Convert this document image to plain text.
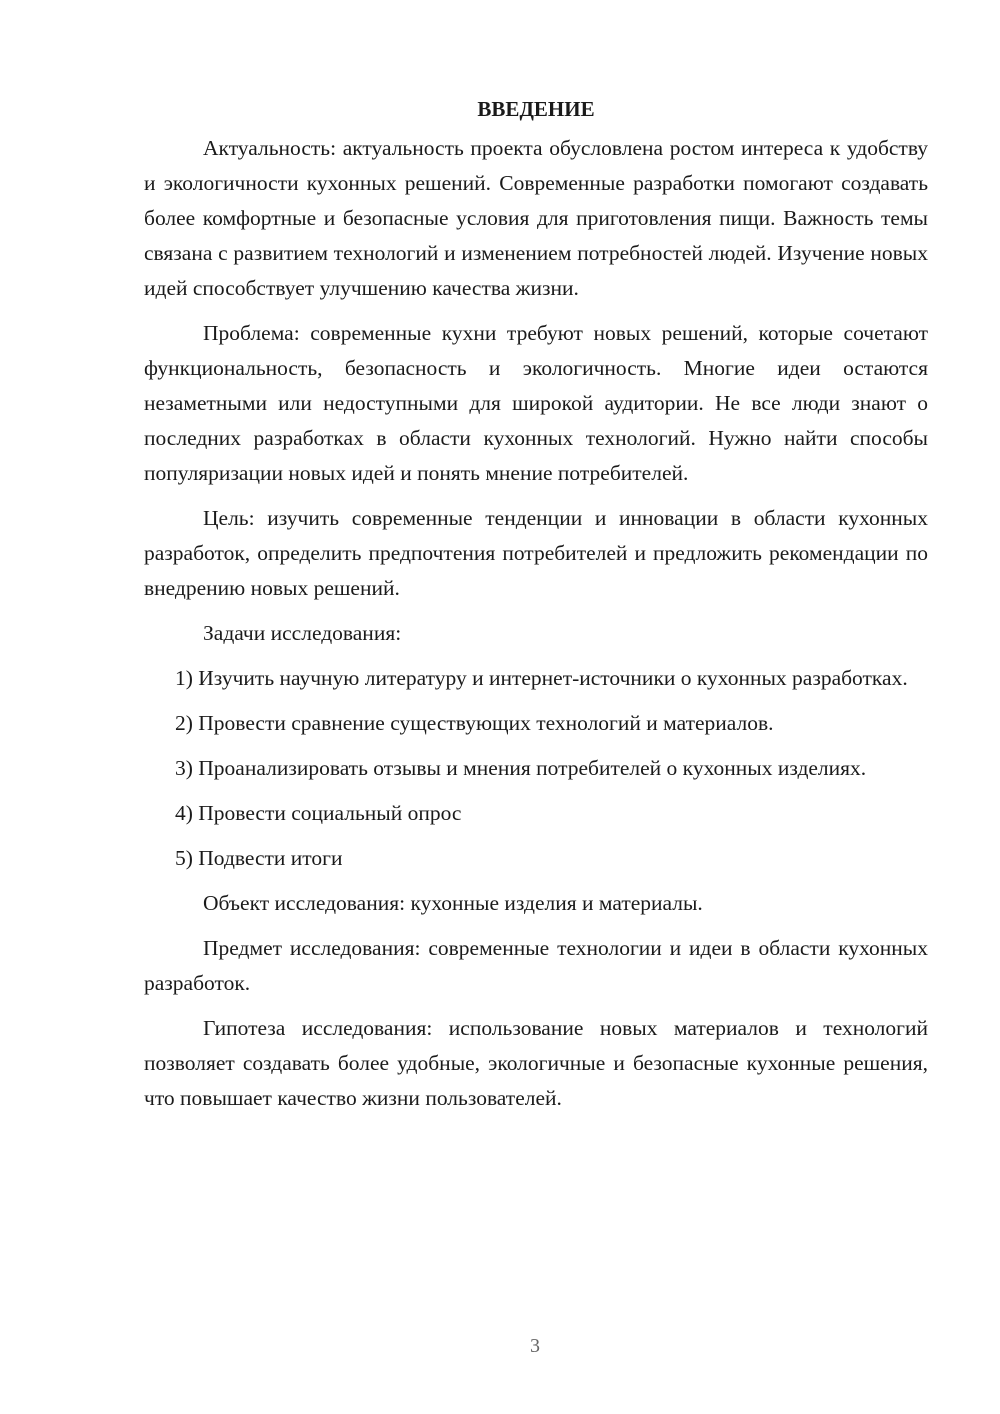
ВВЕДЕНИЕ

Актуальность: актуальность проекта обусловлена ростом интереса к удобству и экологичности кухонных решений. Современные разработки помогают создавать более комфортные и безопасные условия для приготовления пищи. Важность темы связана с развитием технологий и изменением потребностей людей. Изучение новых идей способствует улучшению качества жизни.

Проблема: современные кухни требуют новых решений, которые сочетают функциональность, безопасность и экологичность. Многие идеи остаются незаметными или недоступными для широкой аудитории. Не все люди знают о последних разработках в области кухонных технологий. Нужно найти способы популяризации новых идей и понять мнение потребителей.

Цель: изучить современные тенденции и инновации в области кухонных разработок, определить предпочтения потребителей и предложить рекомендации по внедрению новых решений.

Задачи исследования:

1) Изучить научную литературу и интернет-источники о кухонных разработках.

2) Провести сравнение существующих технологий и материалов.

3) Проанализировать отзывы и мнения потребителей о кухонных изделиях.

4) Провести социальный опрос

5) Подвести итоги

Объект исследования: кухонные изделия и материалы.

Предмет исследования: современные технологии и идеи в области кухонных разработок.

Гипотеза исследования: использование новых материалов и технологий позволяет создавать более удобные, экологичные и безопасные кухонные решения, что повышает качество жизни пользователей.

3
